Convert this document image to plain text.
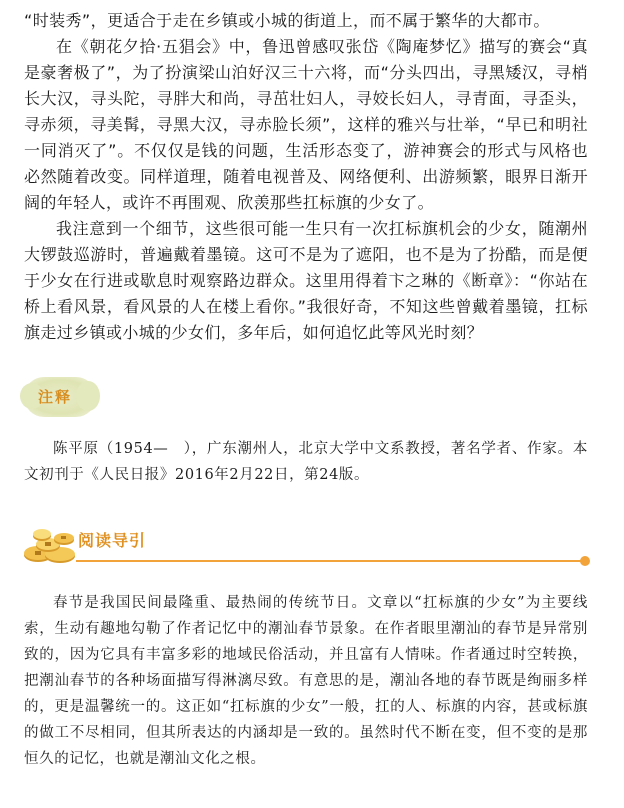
“时装秀”，更适合于走在乡镇或小城的街道上，而不属于繁华的大都市。

在《朝花夕拾·五猖会》中，鲁迅曾感叹张岱《陶庵梦忆》描写的赛会“真是豪奢极了”，为了扮演梁山泊好汉三十六将，而“分头四出，寻黑矮汉，寻梢长大汉，寻头陀，寻胖大和尚，寻茁壮妇人，寻姣长妇人，寻青面，寻歪头，寻赤须，寻美髯，寻黑大汉，寻赤脸长须”，这样的雅兴与壮举，“早已和明社一同消灭了”。不仅仅是钱的问题，生活形态变了，游神赛会的形式与风格也必然随着改变。同样道理，随着电视普及、网络便利、出游频繁，眼界日渐开阔的年轻人，或许不再围观、欣羡那些扛标旗的少女了。

我注意到一个细节，这些很可能一生只有一次扛标旗机会的少女，随潮州大锣鼓巡游时，普遍戴着墨镜。这可不是为了遮阳，也不是为了扮酷，而是便于少女在行进或歇息时观察路边群众。这里用得着卞之琳的《断章》：“你站在桥上看风景，看风景的人在楼上看你。”我很好奇，不知这些曾戴着墨镜，扛标旗走过乡镇或小城的少女们，多年后，如何追忆此等风光时刻？

注释

陈平原（1954—　），广东潮州人，北京大学中文系教授，著名学者、作家。本文初刊于《人民日报》2016年2月22日，第24版。

阅读导引

春节是我国民间最隆重、最热闹的传统节日。文章以“扛标旗的少女”为主要线索，生动有趣地勾勒了作者记忆中的潮汕春节景象。在作者眼里潮汕的春节是异常别致的，因为它具有丰富多彩的地域民俗活动，并且富有人情味。作者通过时空转换，把潮汕春节的各种场面描写得淋漓尽致。有意思的是，潮汕各地的春节既是绚丽多样的，更是温馨统一的。这正如“扛标旗的少女”一般，扛的人、标旗的内容，甚或标旗的做工不尽相同，但其所表达的内涵却是一致的。虽然时代不断在变，但不变的是那恒久的记忆，也就是潮汕文化之根。
